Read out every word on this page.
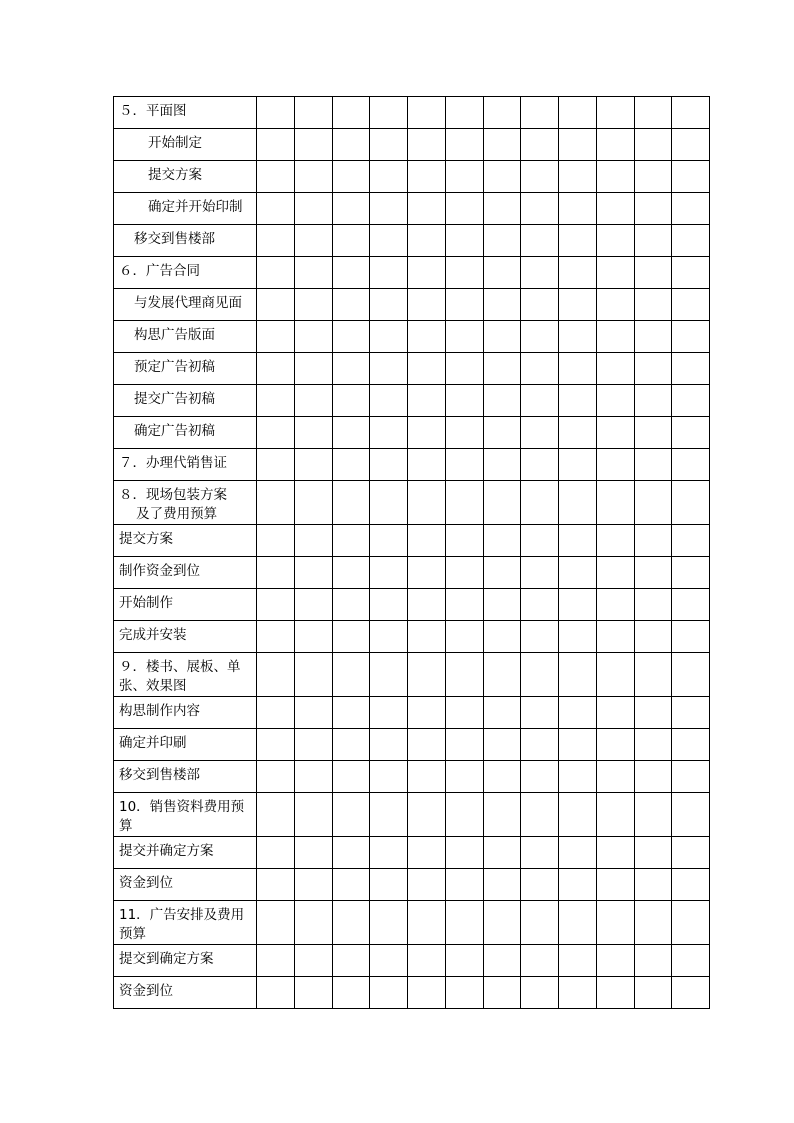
５．平面图												

开始制定												

提交方案												

确定并开始印制												

移交到售楼部												

６．广告合同												

与发展代理商见面												

构思广告版面												

预定广告初稿												

提交广告初稿												

确定广告初稿												

７．办理代销售证												

８．现场包装方案
及了费用预算												

提交方案												

制作资金到位												

开始制作												

完成并安装												

９．楼书、展板、单张、效果图												

构思制作内容												

确定并印刷												

移交到售楼部												

10．销售资料费用预算												

提交并确定方案												

资金到位												

11．广告安排及费用预算												

提交到确定方案												

资金到位												
